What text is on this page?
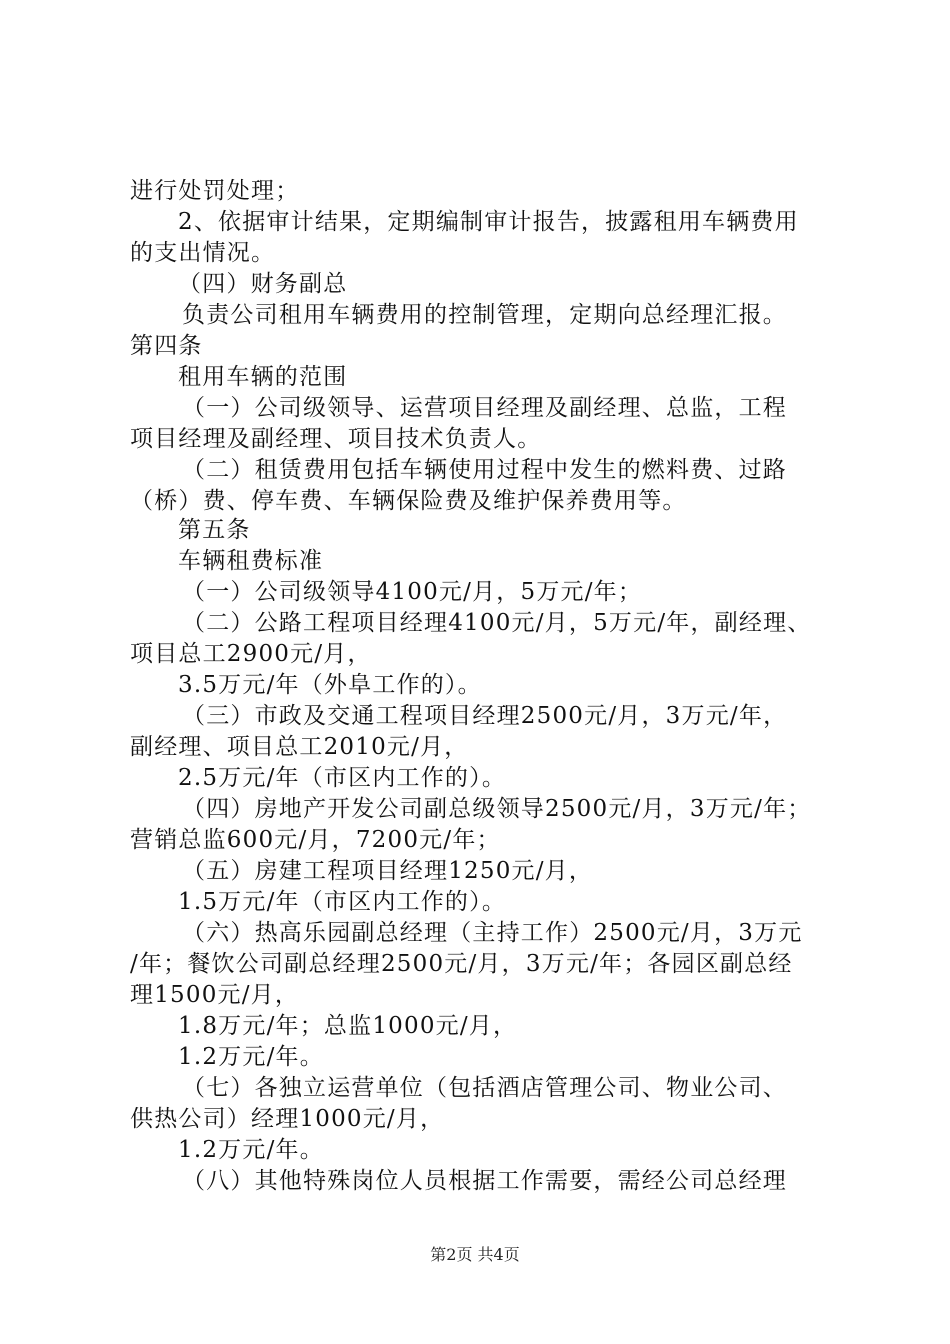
进行处罚处理；
2、依据审计结果，定期编制审计报告，披露租用车辆费用
的支出情况。
（四）财务副总
负责公司租用车辆费用的控制管理，定期向总经理汇报。
第四条
租用车辆的范围
（一）公司级领导、运营项目经理及副经理、总监，工程
项目经理及副经理、项目技术负责人。
（二）租赁费用包括车辆使用过程中发生的燃料费、过路
（桥）费、停车费、车辆保险费及维护保养费用等。
第五条
车辆租费标准
（一）公司级领导4100元/月，5万元/年；
（二）公路工程项目经理4100元/月，5万元/年，副经理、
项目总工2900元/月，
3.5万元/年（外阜工作的）。
（三）市政及交通工程项目经理2500元/月，3万元/年，
副经理、项目总工2010元/月，
2.5万元/年（市区内工作的）。
（四）房地产开发公司副总级领导2500元/月，3万元/年；
营销总监600元/月，7200元/年；
（五）房建工程项目经理1250元/月，
1.5万元/年（市区内工作的）。
（六）热高乐园副总经理（主持工作）2500元/月，3万元
/年；餐饮公司副总经理2500元/月，3万元/年；各园区副总经
理1500元/月，
1.8万元/年；总监1000元/月，
1.2万元/年。
（七）各独立运营单位（包括酒店管理公司、物业公司、
供热公司）经理1000元/月，
1.2万元/年。
（八）其他特殊岗位人员根据工作需要，需经公司总经理
第2页 共4页
